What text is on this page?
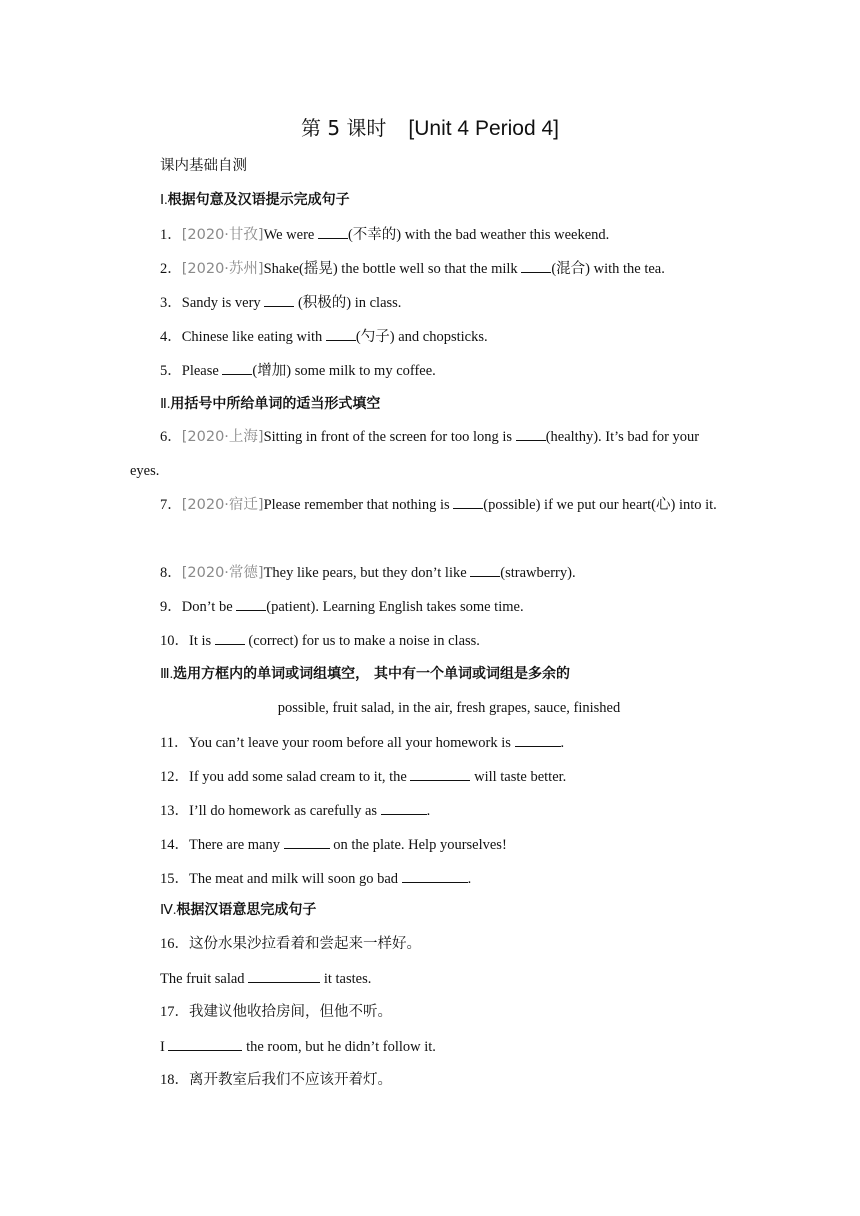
第 5 课时 [Unit 4 Period 4]
课内基础自测
Ⅰ.根据句意及汉语提示完成句子
1．[2020·甘孜]We were (不幸的) with the bad weather this weekend.
2．[2020·苏州]Shake(摇晃) the bottle well so that the milk (混合) with the tea.
3．Sandy is very  (积极的) in class.
4．Chinese like eating with (勺子) and chopsticks.
5．Please (增加) some milk to my coffee.
Ⅱ.用括号中所给单词的适当形式填空
6．[2020·上海]Sitting in front of the screen for too long is (healthy). It’s bad for your eyes.
7．[2020·宿迁]Please remember that nothing is (possible) if we put our heart(心) into it.
8．[2020·常德]They like pears, but they don’t like (strawberry).
9．Don’t be (patient). Learning English takes some time.
10．It is  (correct) for us to make a noise in class.
Ⅲ.选用方框内的单词或词组填空， 其中有一个单词或词组是多余的
possible, fruit salad, in the air, fresh grapes, sauce, finished
11．You can’t leave your room before all your homework is	.
12．If you add some salad cream to it, the	will taste better.
13．I’ll do homework as carefully as	.
14．There are many	on the plate. Help yourselves!
15．The meat and milk will soon go bad	.
Ⅳ.根据汉语意思完成句子
16．这份水果沙拉看着和尝起来一样好。
The fruit salad	it tastes.
17．我建议他收拾房间，但他不听。
I	the room, but he didn’t follow it.
18．离开教室后我们不应该开着灯。
